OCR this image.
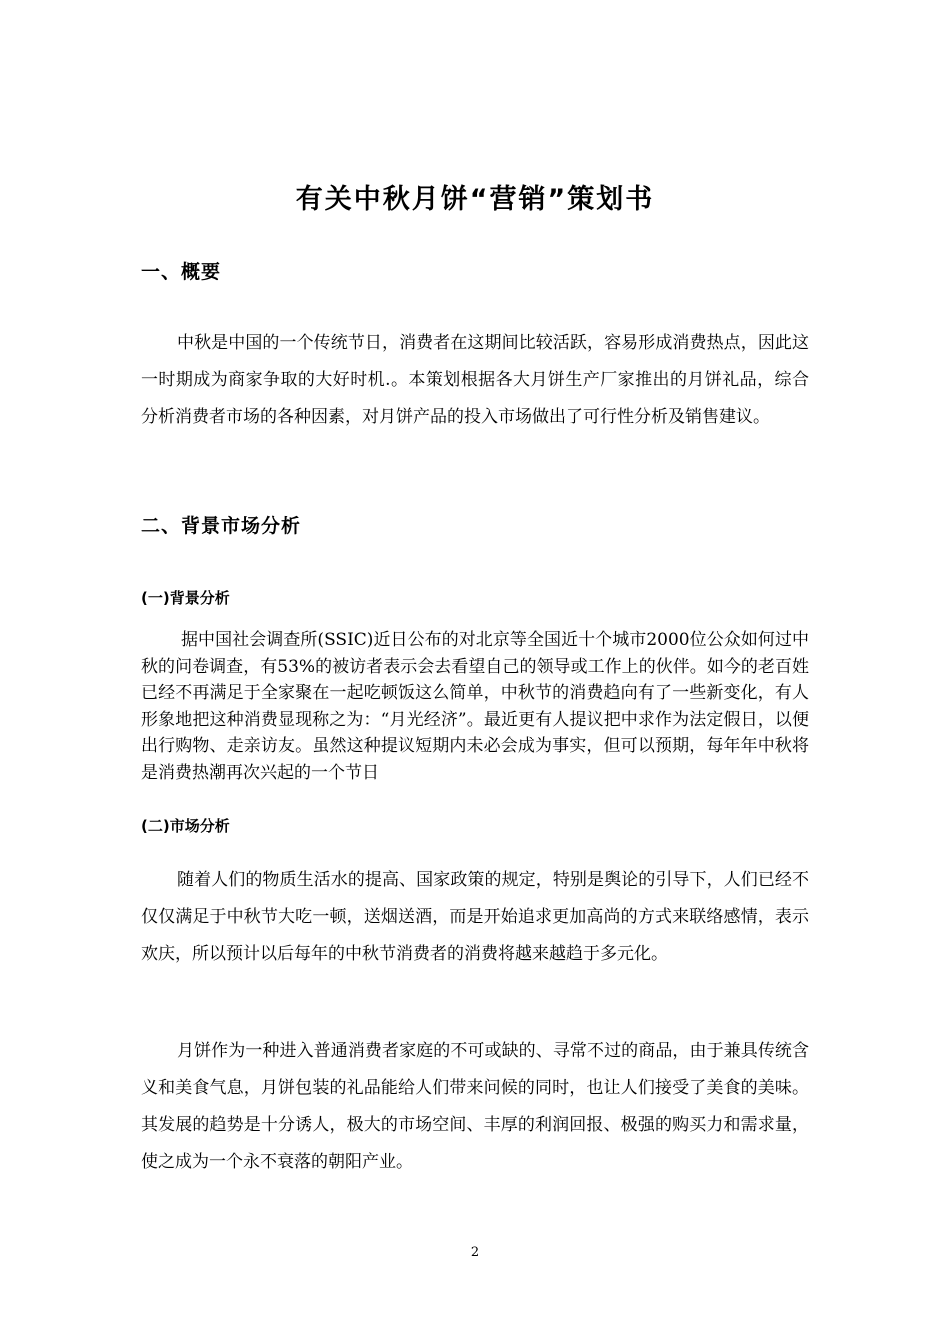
有关中秋月饼“营销”策划书
一、概要

中秋是中国的一个传统节日，消费者在这期间比较活跃，容易形成消费热点，因此这一时期成为商家争取的大好时机.。本策划根据各大月饼生产厂家推出的月饼礼品，综合分析消费者市场的各种因素，对月饼产品的投入市场做出了可行性分析及销售建议。

二、背景市场分析
(一)背景分析

据中国社会调查所(SSIC)近日公布的对北京等全国近十个城市2000位公众如何过中秋的问卷调查，有53%的被访者表示会去看望自己的领导或工作上的伙伴。如今的老百姓已经不再满足于全家聚在一起吃顿饭这么简单，中秋节的消费趋向有了一些新变化，有人形象地把这种消费显现称之为：“月光经济”。最近更有人提议把中求作为法定假日，以便出行购物、走亲访友。虽然这种提议短期内未必会成为事实，但可以预期，每年年中秋将是消费热潮再次兴起的一个节日

(二)市场分析

随着人们的物质生活水的提高、国家政策的规定，特别是舆论的引导下，人们已经不仅仅满足于中秋节大吃一顿，送烟送酒，而是开始追求更加高尚的方式来联络感情，表示欢庆，所以预计以后每年的中秋节消费者的消费将越来越趋于多元化。

月饼作为一种进入普通消费者家庭的不可或缺的、寻常不过的商品，由于兼具传统含义和美食气息，月饼包装的礼品能给人们带来问候的同时，也让人们接受了美食的美味。其发展的趋势是十分诱人，极大的市场空间、丰厚的利润回报、极强的购买力和需求量，使之成为一个永不衰落的朝阳产业。

2
